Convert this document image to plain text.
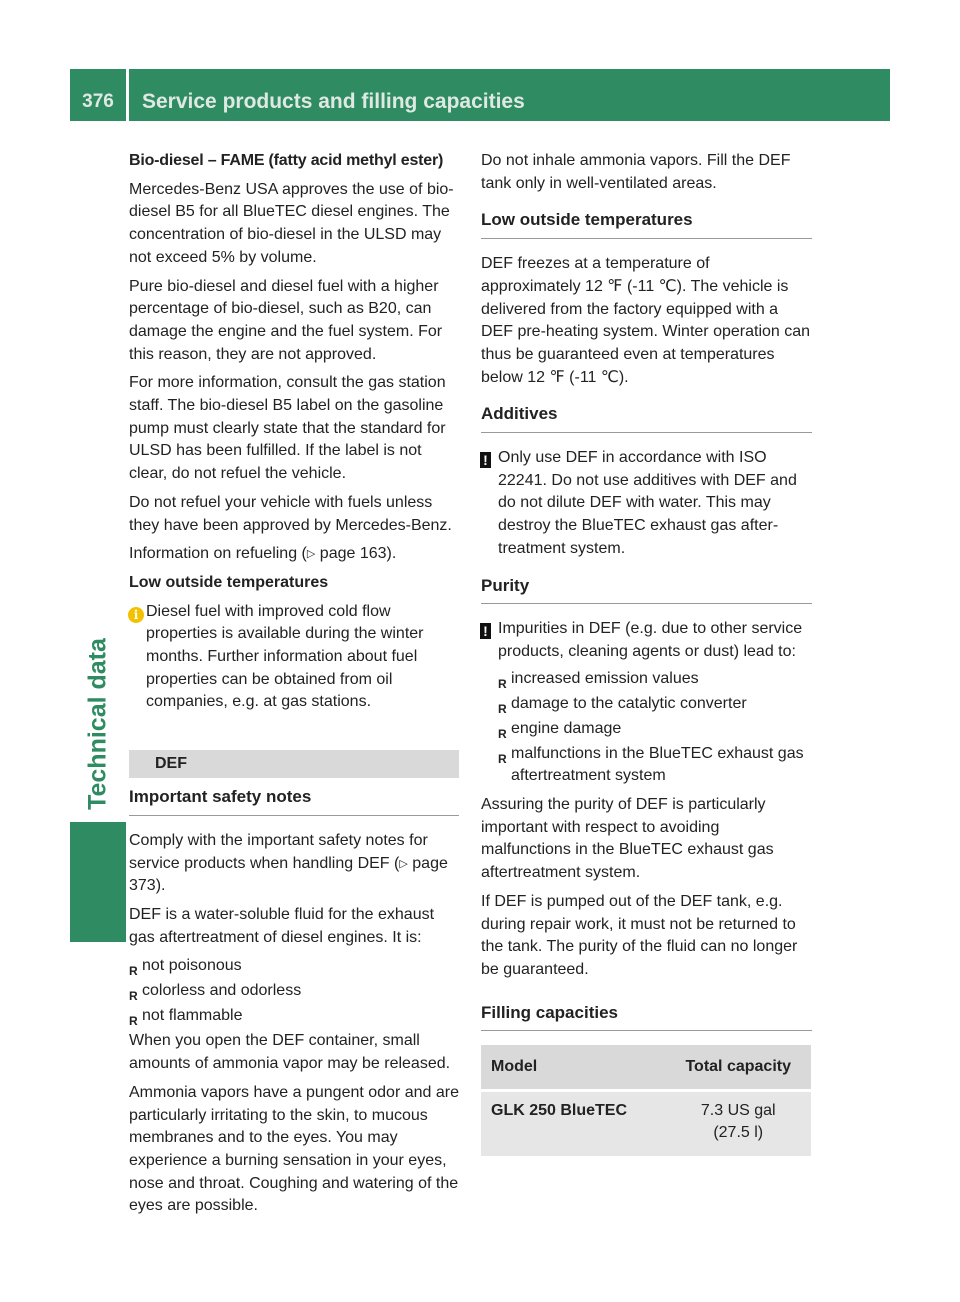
376	Service products and filling capacities
Technical data

Bio-diesel – FAME (fatty acid methyl ester)

Mercedes-Benz USA approves the use of bio-diesel B5 for all BlueTEC diesel engines. The concentration of bio-diesel in the ULSD may not exceed 5% by volume.

Pure bio-diesel and diesel fuel with a higher percentage of bio-diesel, such as B20, can damage the engine and the fuel system. For this reason, they are not approved.

For more information, consult the gas station staff. The bio-diesel B5 label on the gasoline pump must clearly state that the standard for ULSD has been fulfilled. If the label is not clear, do not refuel the vehicle.

Do not refuel your vehicle with fuels unless they have been approved by Mercedes-Benz.

Information on refueling (▷ page 163).

Low outside temperatures

i Diesel fuel with improved cold flow properties is available during the winter months. Further information about fuel properties can be obtained from oil companies, e.g. at gas stations.
DEF
Important safety notes

Comply with the important safety notes for service products when handling DEF (▷ page 373).

DEF is a water-soluble fluid for the exhaust gas aftertreatment of diesel engines. It is:

R not poisonous
R colorless and odorless
R not flammable

When you open the DEF container, small amounts of ammonia vapor may be released.

Ammonia vapors have a pungent odor and are particularly irritating to the skin, to mucous membranes and to the eyes. You may experience a burning sensation in your eyes, nose and throat. Coughing and watering of the eyes are possible.

Do not inhale ammonia vapors. Fill the DEF tank only in well-ventilated areas.

Low outside temperatures

DEF freezes at a temperature of approximately 12 ℉ (-11 ℃). The vehicle is delivered from the factory equipped with a DEF pre-heating system. Winter operation can thus be guaranteed even at temperatures below 12 ℉ (-11 ℃).

Additives
! Only use DEF in accordance with ISO 22241. Do not use additives with DEF and do not dilute DEF with water. This may destroy the BlueTEC exhaust gas after-treatment system.
Purity
! Impurities in DEF (e.g. due to other service products, cleaning agents or dust) lead to:
R increased emission values
R damage to the catalytic converter
R engine damage
R malfunctions in the BlueTEC exhaust gas aftertreatment system

Assuring the purity of DEF is particularly important with respect to avoiding malfunctions in the BlueTEC exhaust gas aftertreatment system.

If DEF is pumped out of the DEF tank, e.g. during repair work, it must not be returned to the tank. The purity of the fluid can no longer be guaranteed.

Filling capacities
Model	Total capacity
GLK 250 BlueTEC	7.3 US gal
(27.5 l)
